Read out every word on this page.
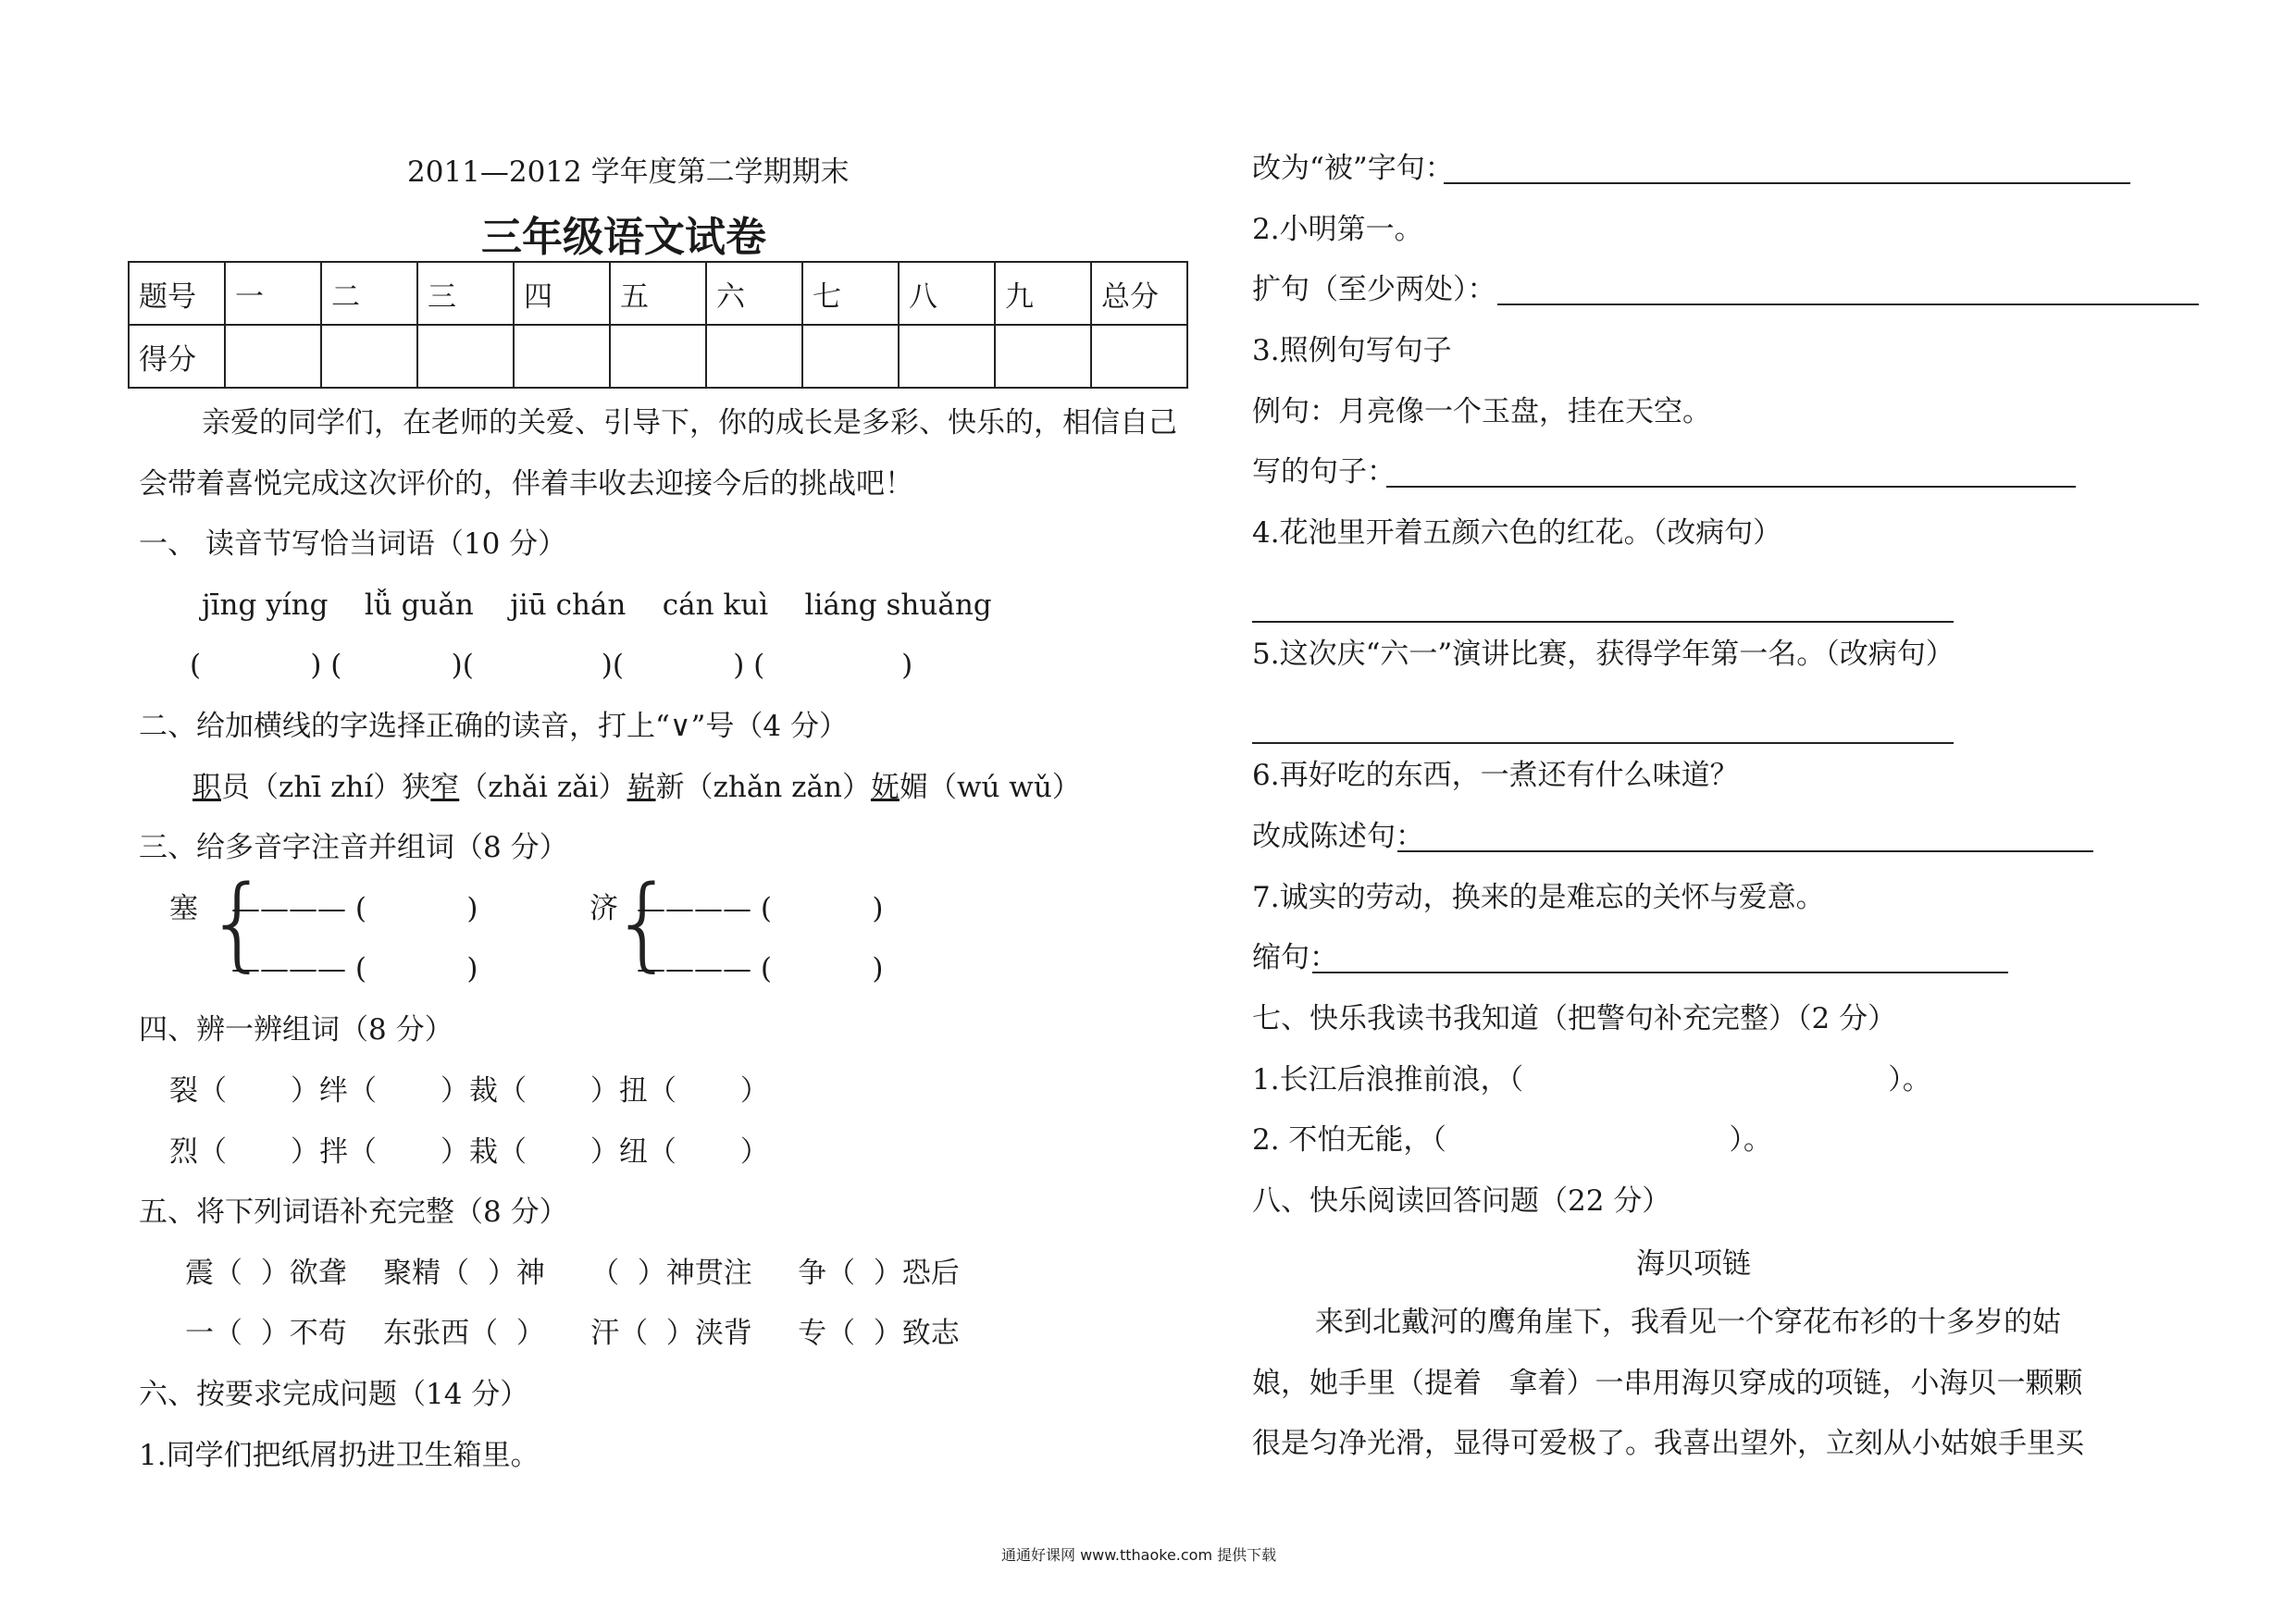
2011—2012 学年度第二学期期末
三年级语文试卷
题号	一	二	三	四	五	六	七	八	九	总分
得分										
亲爱的同学们，在老师的关爱、引导下，你的成长是多彩、快乐的，相信自己
会带着喜悦完成这次评价的，伴着丰收去迎接今后的挑战吧！
一、 读音节写恰当词语（10 分）
jīng yíng    lǚ guǎn    jiū chán    cán kuì    liáng shuǎng
(            ) (            )(              )(            ) (               )
二、给加横线的字选择正确的读音，打上“∨”号（4 分）
职员（zhī zhí）狭窄（zhǎi zǎi）崭新（zhǎn zǎn）妩媚（wú wǔ）
三、给多音字注音并组词（8 分）
塞 {
———— (           )
———— (           )
济
{
———— (           )
———— (           )
四、辨一辨组词（8 分）
裂（       ）绊（       ）裁（       ）扭（       ）
烈（       ）拌（       ）栽（       ）纽（       ）
五、将下列词语补充完整（8 分）
震（  ）欲聋    聚精（  ）神     （  ）神贯注     争（  ）恐后
一（  ）不苟    东张西（  ）     汗（  ）浃背     专（  ）致志
六、按要求完成问题（14 分）
1.同学们把纸屑扔进卫生箱里。
改为“被”字句：
2.小明第一。
扩句（至少两处）：
3.照例句写句子
例句：月亮像一个玉盘，挂在天空。
写的句子：
4.花池里开着五颜六色的红花。（改病句）
5.这次庆“六一”演讲比赛，获得学年第一名。（改病句）
6.再好吃的东西，一煮还有什么味道？
改成陈述句：
7.诚实的劳动，换来的是难忘的关怀与爱意。
缩句：
七、快乐我读书我知道（把警句补充完整）（2 分）
1.长江后浪推前浪，（                                        ）。
2. 不怕无能，（                               ）。
八、快乐阅读回答问题（22 分）
海贝项链
来到北戴河的鹰角崖下，我看见一个穿花布衫的十多岁的姑
娘，她手里（提着   拿着）一串用海贝穿成的项链，小海贝一颗颗
很是匀净光滑，显得可爱极了。我喜出望外，立刻从小姑娘手里买
通通好课网 www.tthaoke.com 提供下载
